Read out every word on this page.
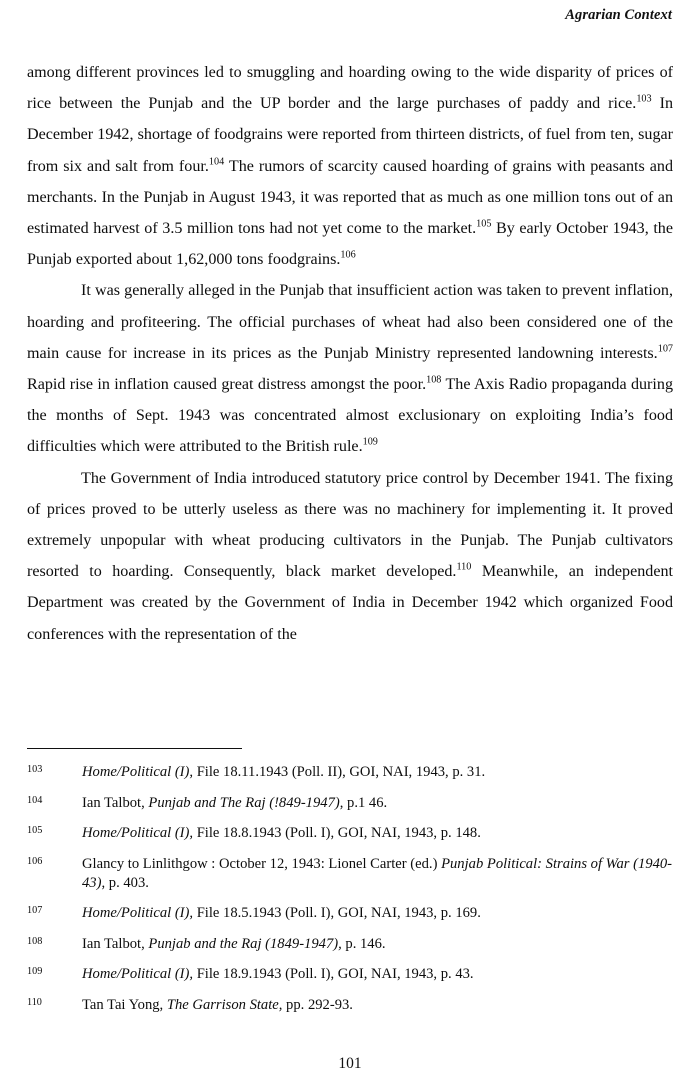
Agrarian Context

among different provinces led to smuggling and hoarding owing to the wide disparity of prices of rice between the Punjab and the UP border and the large purchases of paddy and rice.$^{103}$ In December 1942, shortage of foodgrains were reported from thirteen districts, of fuel from ten, sugar from six and salt from four.$^{104}$ The rumors of scarcity caused hoarding of grains with peasants and merchants. In the Punjab in August 1943, it was reported that as much as one million tons out of an estimated harvest of 3.5 million tons had not yet come to the market.$^{105}$ By early October 1943, the Punjab exported about 1,62,000 tons foodgrains.$^{106}$

It was generally alleged in the Punjab that insufficient action was taken to prevent inflation, hoarding and profiteering. The official purchases of wheat had also been considered one of the main cause for increase in its prices as the Punjab Ministry represented landowning interests.$^{107}$ Rapid rise in inflation caused great distress amongst the poor.$^{108}$ The Axis Radio propaganda during the months of Sept. 1943 was concentrated almost exclusionary on exploiting India’s food difficulties which were attributed to the British rule.$^{109}$

The Government of India introduced statutory price control by December 1941. The fixing of prices proved to be utterly useless as there was no machinery for implementing it. It proved extremely unpopular with wheat producing cultivators in the Punjab. The Punjab cultivators resorted to hoarding. Consequently, black market developed.$^{110}$ Meanwhile, an independent Department was created by the Government of India in December 1942 which organized Food conferences with the representation of the

103	Home/Political (I), File 18.11.1943 (Poll. II), GOI, NAI, 1943, p. 31.
104	Ian Talbot, Punjab and The Raj (!849-1947), p.1 46.
105	Home/Political (I), File 18.8.1943 (Poll. I), GOI, NAI, 1943, p. 148.
106	Glancy to Linlithgow : October 12, 1943: Lionel Carter (ed.) Punjab Political: Strains of War (1940-43), p. 403.
107	Home/Political (I), File 18.5.1943 (Poll. I), GOI, NAI, 1943, p. 169.
108	Ian Talbot, Punjab and the Raj (1849-1947), p. 146.
109	Home/Political (I), File 18.9.1943 (Poll. I), GOI, NAI, 1943, p. 43.
110	Tan Tai Yong, The Garrison State, pp. 292-93.
101
